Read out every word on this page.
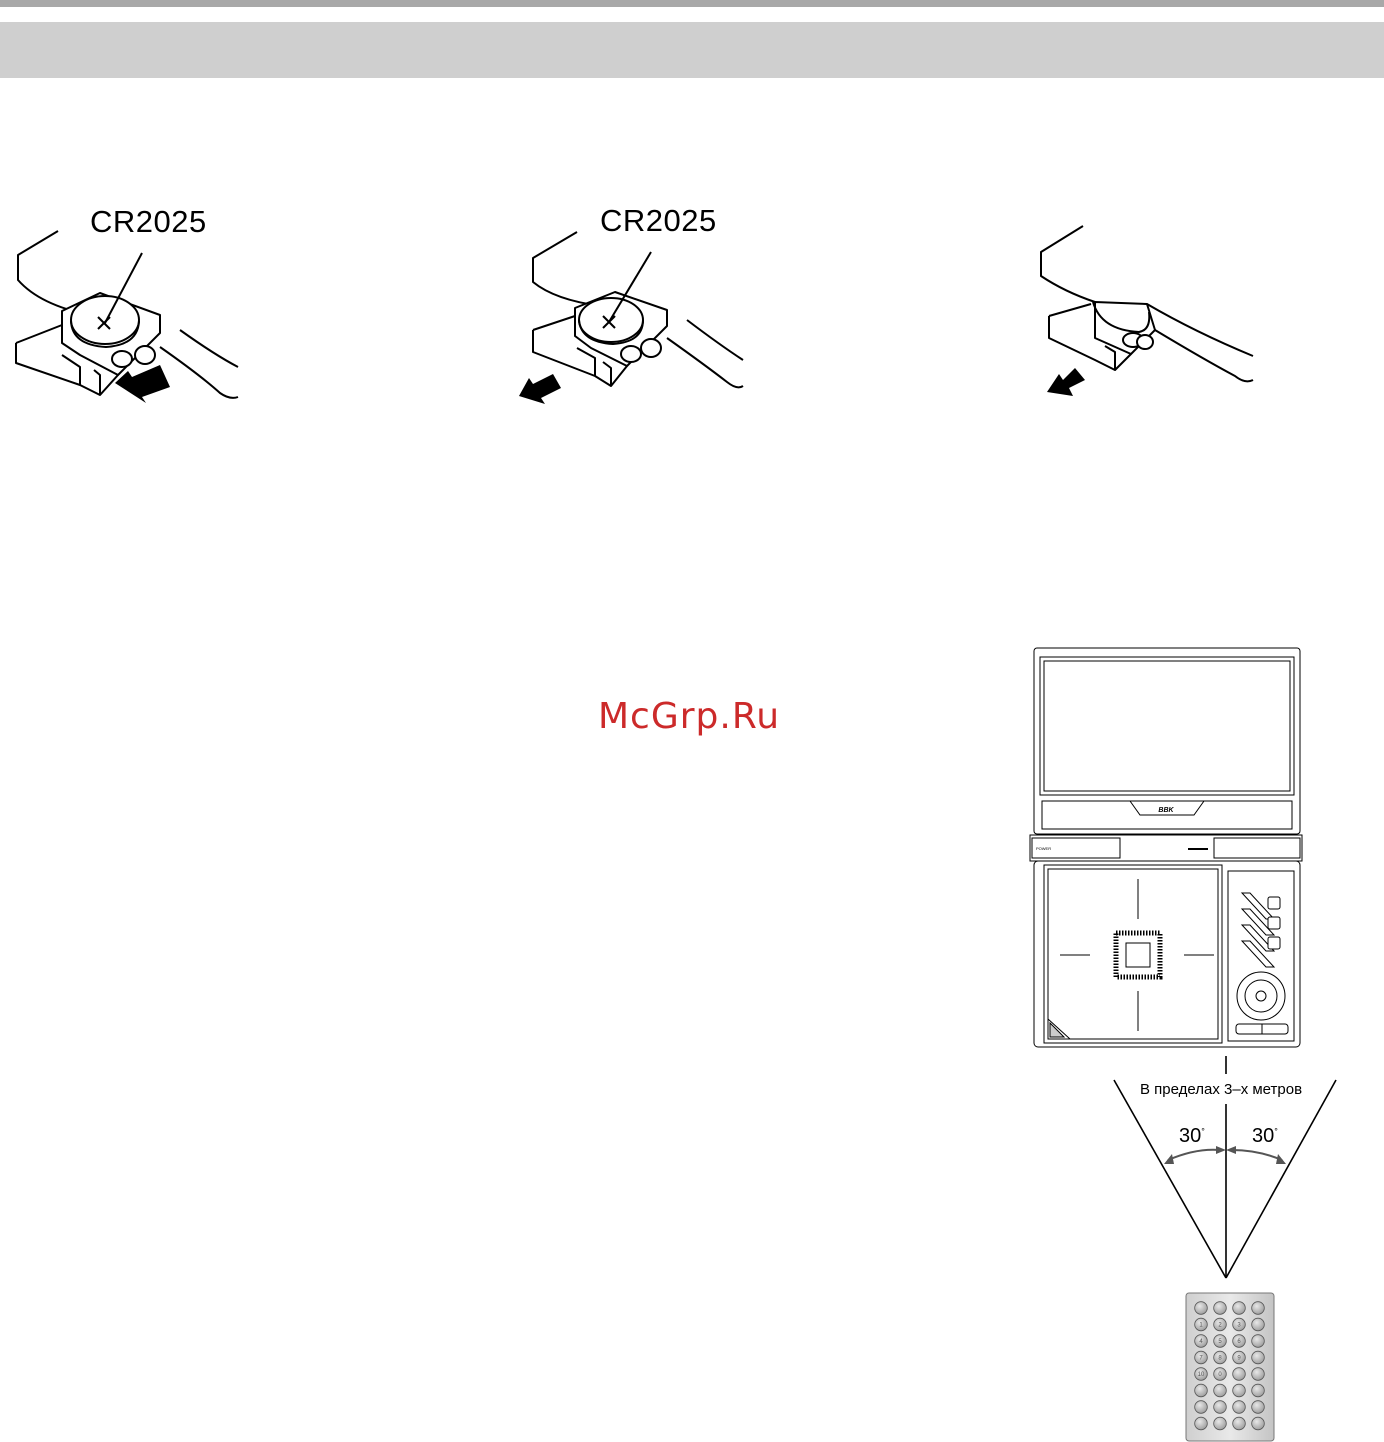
CR2025	CR2025
McGrp.Ru
BBK
POWER
В пределах 3–х метров
30° 30°
1	2	3
4	5	6
7	8	9
10 0
